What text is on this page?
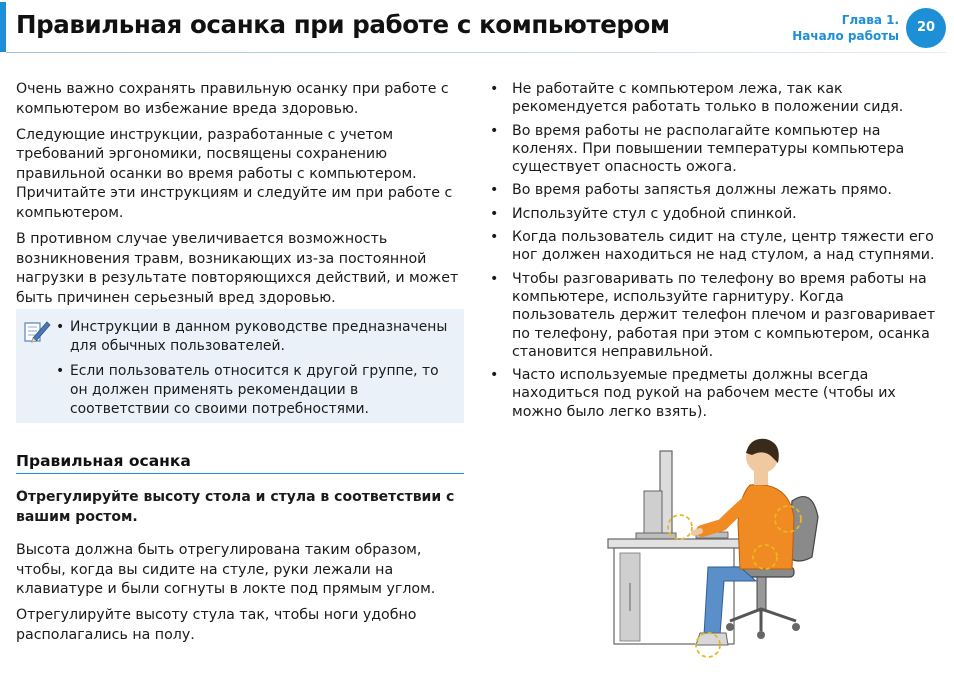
Правильная осанка при работе с компьютером	Глава 1.
Начало работы
20

Очень важно сохранять правильную осанку при работе с компьютером во избежание вреда здоровью.

Следующие инструкции, разработанные с учетом требований эргономики, посвящены сохранению правильной осанки во время работы с компьютером. Причитайте эти инструкциям и следуйте им при работе с компьютером.

В противном случае увеличивается возможность возникновения травм, возникающих из-за постоянной нагрузки в результате повторяющихся действий, и может быть причинен серьезный вред здоровью.

• Инструкции в данном руководстве предназначены для обычных пользователей.
• Если пользователь относится к другой группе, то он должен применять рекомендации в соответствии со своими потребностями.
Правильная осанка
Отрегулируйте высоту стола и стула в соответствии с вашим ростом.

Высота должна быть отрегулирована таким образом, чтобы, когда вы сидите на стуле, руки лежали на клавиатуре и были согнуты в локте под прямым углом.

Отрегулируйте высоту стула так, чтобы ноги удобно располагались на полу.

• Не работайте с компьютером лежа, так как рекомендуется работать только в положении сидя.
• Во время работы не располагайте компьютер на коленях. При повышении температуры компьютера существует опасность ожога.
• Во время работы запястья должны лежать прямо.
• Используйте стул с удобной спинкой.
• Когда пользователь сидит на стуле, центр тяжести его ног должен находиться не над стулом, а над ступнями.
• Чтобы разговаривать по телефону во время работы на компьютере, используйте гарнитуру. Когда пользователь держит телефон плечом и разговаривает по телефону, работая при этом с компьютером, осанка становится неправильной.
• Часто используемые предметы должны всегда находиться под рукой на рабочем месте (чтобы их можно было легко взять).
